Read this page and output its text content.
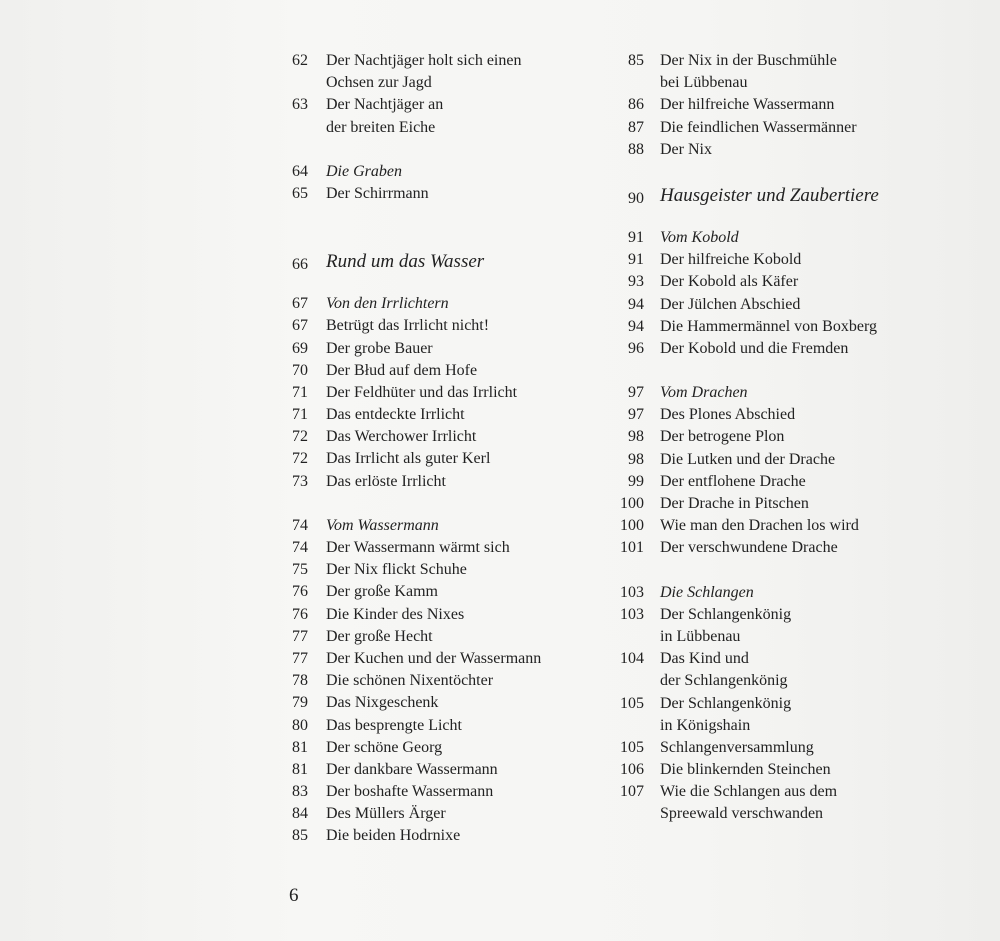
62 Der Nachtjäger holt sich einen
Ochsen zur Jagd
63 Der Nachtjäger an
der breiten Eiche
64 Die Graben
65 Der Schirrmann
66 Rund um das Wasser
67 Von den Irrlichtern
67 Betrügt das Irrlicht nicht!
69 Der grobe Bauer
70 Der Błud auf dem Hofe
71 Der Feldhüter und das Irrlicht
71 Das entdeckte Irrlicht
72 Das Werchower Irrlicht
72 Das Irrlicht als guter Kerl
73 Das erlöste Irrlicht
74 Vom Wassermann
74 Der Wassermann wärmt sich
75 Der Nix flickt Schuhe
76 Der große Kamm
76 Die Kinder des Nixes
77 Der große Hecht
77 Der Kuchen und der Wassermann
78 Die schönen Nixentöchter
79 Das Nixgeschenk
80 Das besprengte Licht
81 Der schöne Georg
81 Der dankbare Wassermann
83 Der boshafte Wassermann
84 Des Müllers Ärger
85 Die beiden Hodrnixe
85 Der Nix in der Buschmühle
bei Lübbenau
86 Der hilfreiche Wassermann
87 Die feindlichen Wassermänner
88 Der Nix
90 Hausgeister und Zaubertiere
91 Vom Kobold
91 Der hilfreiche Kobold
93 Der Kobold als Käfer
94 Der Jülchen Abschied
94 Die Hammermännel von Boxberg
96 Der Kobold und die Fremden
97 Vom Drachen
97 Des Plones Abschied
98 Der betrogene Plon
98 Die Lutken und der Drache
99 Der entflohene Drache
100 Der Drache in Pitschen
100 Wie man den Drachen los wird
101 Der verschwundene Drache
103 Die Schlangen
103 Der Schlangenkönig
in Lübbenau
104 Das Kind und
der Schlangenkönig
105 Der Schlangenkönig
in Königshain
105 Schlangenversammlung
106 Die blinkernden Steinchen
107 Wie die Schlangen aus dem
Spreewald verschwanden
6
